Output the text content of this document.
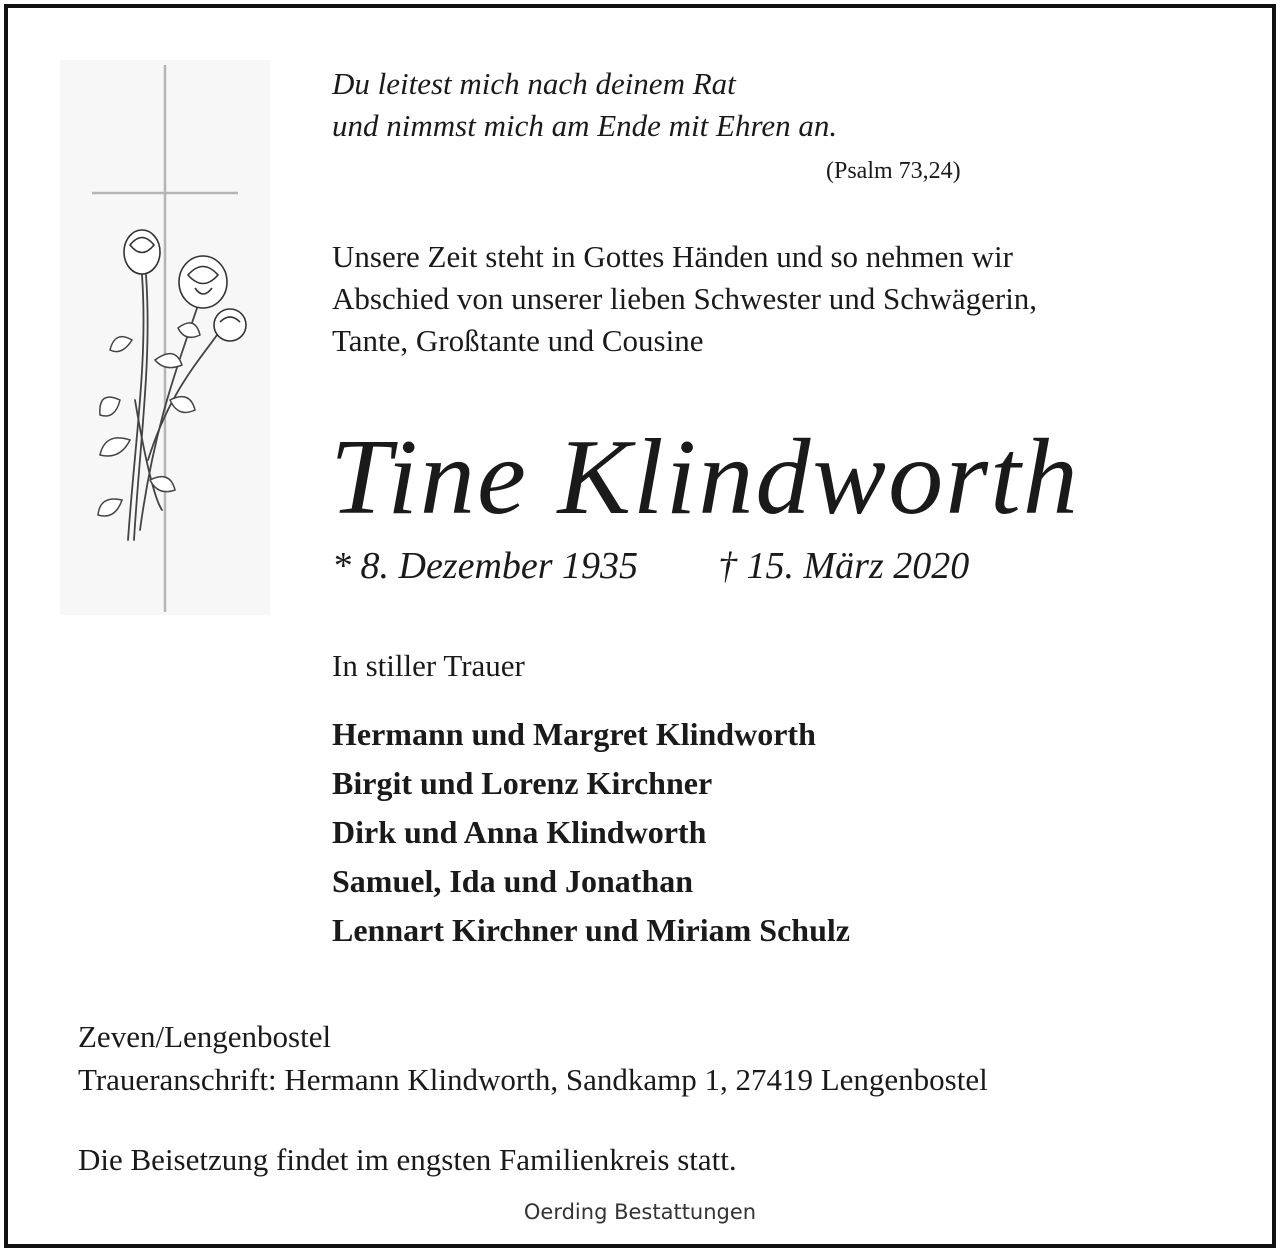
Du leitest mich nach deinem Rat
und nimmst mich am Ende mit Ehren an.
(Psalm 73,24)
Unsere Zeit steht in Gottes Händen und so nehmen wir
Abschied von unserer lieben Schwester und Schwägerin,
Tante, Großtante und Cousine
Tine Klindworth
* 8. Dezember 1935 † 15. März 2020
In stiller Trauer
Hermann und Margret Klindworth
Birgit und Lorenz Kirchner
Dirk und Anna Klindworth
Samuel, Ida und Jonathan
Lennart Kirchner und Miriam Schulz
Zeven/Lengenbostel
Traueranschrift: Hermann Klindworth, Sandkamp 1, 27419 Lengenbostel
Die Beisetzung findet im engsten Familienkreis statt.
Oerding Bestattungen
